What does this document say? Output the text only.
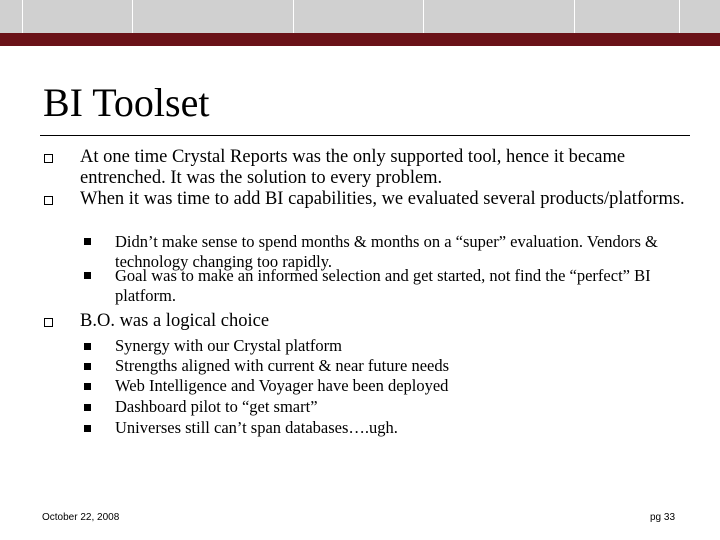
BI Toolset
At one time Crystal Reports was the only supported tool, hence it became entrenched. It was the solution to every problem.
When it was time to add BI capabilities, we evaluated several products/platforms.
Didn’t make sense to spend months & months on a “super” evaluation. Vendors & technology changing too rapidly.
Goal was to make an informed selection and get started, not find the “perfect” BI platform.
B.O. was a logical choice
Synergy with our Crystal platform
Strengths aligned with current & near future needs
Web Intelligence and Voyager have been deployed
Dashboard pilot to “get smart”
Universes still can’t span databases….ugh.
October 22, 2008	pg 33
